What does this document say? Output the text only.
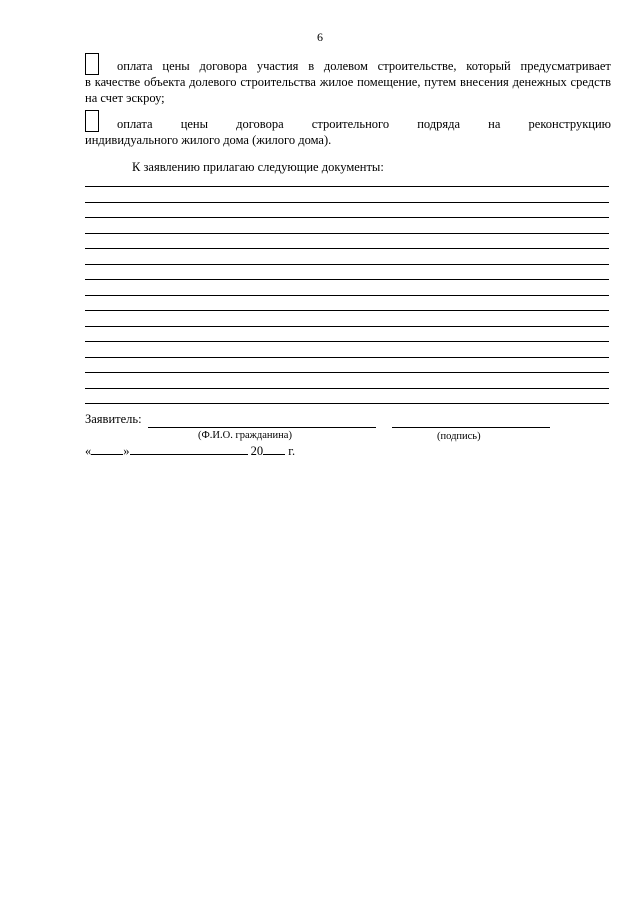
6
оплата цены договора участия в долевом строительстве, который предусматривает
в качестве объекта долевого строительства жилое помещение, путем внесения денежных средств на счет эскроу;
оплата цены договора строительного подряда на реконструкцию
индивидуального жилого дома (жилого дома).
К заявлению прилагаю следующие документы:
Заявитель:
(Ф.И.О. гражданина)	(подпись)
«	»	20 г.
